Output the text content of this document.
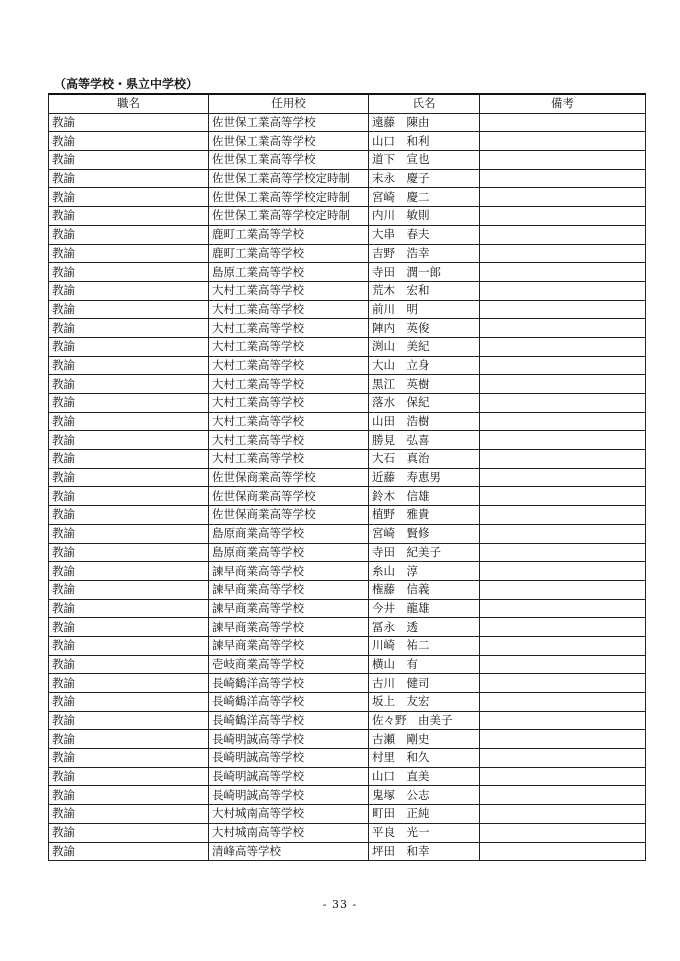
（高等学校・県立中学校）
職名	任用校	氏名	備考
教諭	佐世保工業高等学校	遠藤　陳由	
教諭	佐世保工業高等学校	山口　和利	
教諭	佐世保工業高等学校	道下　宣也	
教諭	佐世保工業高等学校定時制	末永　慶子	
教諭	佐世保工業高等学校定時制	宮崎　慶二	
教諭	佐世保工業高等学校定時制	内川　敏則	
教諭	鹿町工業高等学校	大串　春夫	
教諭	鹿町工業高等学校	吉野　浩幸	
教諭	島原工業高等学校	寺田　潤一郎	
教諭	大村工業高等学校	荒木　宏和	
教諭	大村工業高等学校	前川　明	
教諭	大村工業高等学校	陣内　英俊	
教諭	大村工業高等学校	渕山　美紀	
教諭	大村工業高等学校	大山　立身	
教諭	大村工業高等学校	黒江　英樹	
教諭	大村工業高等学校	落水　保紀	
教諭	大村工業高等学校	山田　浩樹	
教諭	大村工業高等学校	勝見　弘喜	
教諭	大村工業高等学校	大石　真治	
教諭	佐世保商業高等学校	近藤　寿恵男	
教諭	佐世保商業高等学校	鈴木　信雄	
教諭	佐世保商業高等学校	植野　雅貴	
教諭	島原商業高等学校	宮崎　賢修	
教諭	島原商業高等学校	寺田　紀美子	
教諭	諫早商業高等学校	糸山　淳	
教諭	諫早商業高等学校	権藤　信義	
教諭	諫早商業高等学校	今井　龍雄	
教諭	諫早商業高等学校	冨永　透	
教諭	諫早商業高等学校	川崎　祐二	
教諭	壱岐商業高等学校	横山　有	
教諭	長崎鶴洋高等学校	古川　健司	
教諭	長崎鶴洋高等学校	坂上　友宏	
教諭	長崎鶴洋高等学校	佐々野　由美子	
教諭	長崎明誠高等学校	古瀬　剛史	
教諭	長崎明誠高等学校	村里　和久	
教諭	長崎明誠高等学校	山口　直美	
教諭	長崎明誠高等学校	鬼塚　公志	
教諭	大村城南高等学校	町田　正純	
教諭	大村城南高等学校	平良　光一	
教諭	清峰高等学校	坪田　和幸	
- 33 -
